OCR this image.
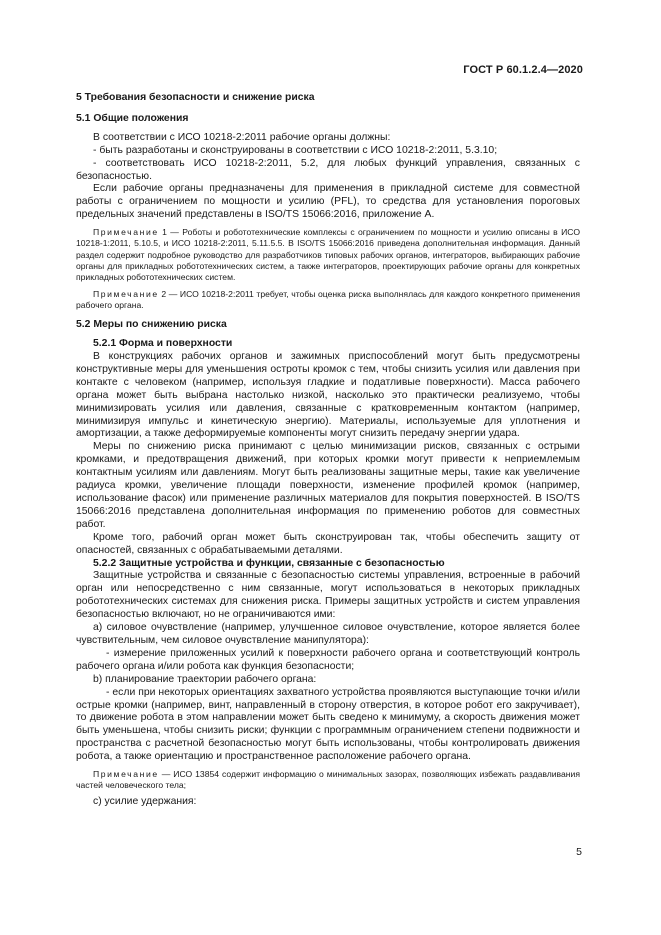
ГОСТ Р 60.1.2.4—2020

5 Требования безопасности и снижение риска

5.1 Общие положения

В соответствии с ИСО 10218-2:2011 рабочие органы должны:

- быть разработаны и сконструированы в соответствии с ИСО 10218-2:2011, 5.3.10;

- соответствовать ИСО 10218-2:2011, 5.2, для любых функций управления, связанных с безопасностью.

Если рабочие органы предназначены для применения в прикладной системе для совместной работы с ограничением по мощности и усилию (PFL), то средства для установления пороговых предельных значений представлены в ISO/TS 15066:2016, приложение А.

Примечание 1 — Роботы и робототехнические комплексы с ограничением по мощности и усилию описаны в ИСО 10218-1:2011, 5.10.5, и ИСО 10218-2:2011, 5.11.5.5. В ISO/TS 15066:2016 приведена дополнительная информация. Данный раздел содержит подробное руководство для разработчиков типовых рабочих органов, интеграторов, выбирающих рабочие органы для прикладных робототехнических систем, а также интеграторов, проектирующих рабочие органы для конкретных прикладных робототехнических систем.

Примечание 2 — ИСО 10218-2:2011 требует, чтобы оценка риска выполнялась для каждого конкретного применения рабочего органа.

5.2 Меры по снижению риска

5.2.1 Форма и поверхности

В конструкциях рабочих органов и зажимных приспособлений могут быть предусмотрены конструктивные меры для уменьшения остроты кромок с тем, чтобы снизить усилия или давления при контакте с человеком (например, используя гладкие и податливые поверхности). Масса рабочего органа может быть выбрана настолько низкой, насколько это практически реализуемо, чтобы минимизировать усилия или давления, связанные с кратковременным контактом (например, минимизируя импульс и кинетическую энергию). Материалы, используемые для уплотнения и амортизации, а также деформируемые компоненты могут снизить передачу энергии удара.

Меры по снижению риска принимают с целью минимизации рисков, связанных с острыми кромками, и предотвращения движений, при которых кромки могут привести к неприемлемым контактным усилиям или давлениям. Могут быть реализованы защитные меры, такие как увеличение радиуса кромки, увеличение площади поверхности, изменение профилей кромок (например, использование фасок) или применение различных материалов для покрытия поверхностей. В ISO/TS 15066:2016 представлена дополнительная информация по применению роботов для совместных работ.

Кроме того, рабочий орган может быть сконструирован так, чтобы обеспечить защиту от опасностей, связанных с обрабатываемыми деталями.

5.2.2 Защитные устройства и функции, связанные с безопасностью

Защитные устройства и связанные с безопасностью системы управления, встроенные в рабочий орган или непосредственно с ним связанные, могут использоваться в некоторых прикладных робототехнических системах для снижения риска. Примеры защитных устройств и систем управления безопасностью включают, но не ограничиваются ими:

a) силовое очувствление (например, улучшенное силовое очувствление, которое является более чувствительным, чем силовое очувствление манипулятора):

- измерение приложенных усилий к поверхности рабочего органа и соответствующий контроль рабочего органа и/или робота как функция безопасности;

b) планирование траектории рабочего органа:

- если при некоторых ориентациях захватного устройства проявляются выступающие точки и/или острые кромки (например, винт, направленный в сторону отверстия, в которое робот его закручивает), то движение робота в этом направлении может быть сведено к минимуму, а скорость движения может быть уменьшена, чтобы снизить риски; функции с программным ограничением степени подвижности и пространства с расчетной безопасностью могут быть использованы, чтобы контролировать движения робота, а также ориентацию и пространственное расположение рабочего органа.

Примечание — ИСО 13854 содержит информацию о минимальных зазорах, позволяющих избежать раздавливания частей человеческого тела;

c) усилие удержания:

5
